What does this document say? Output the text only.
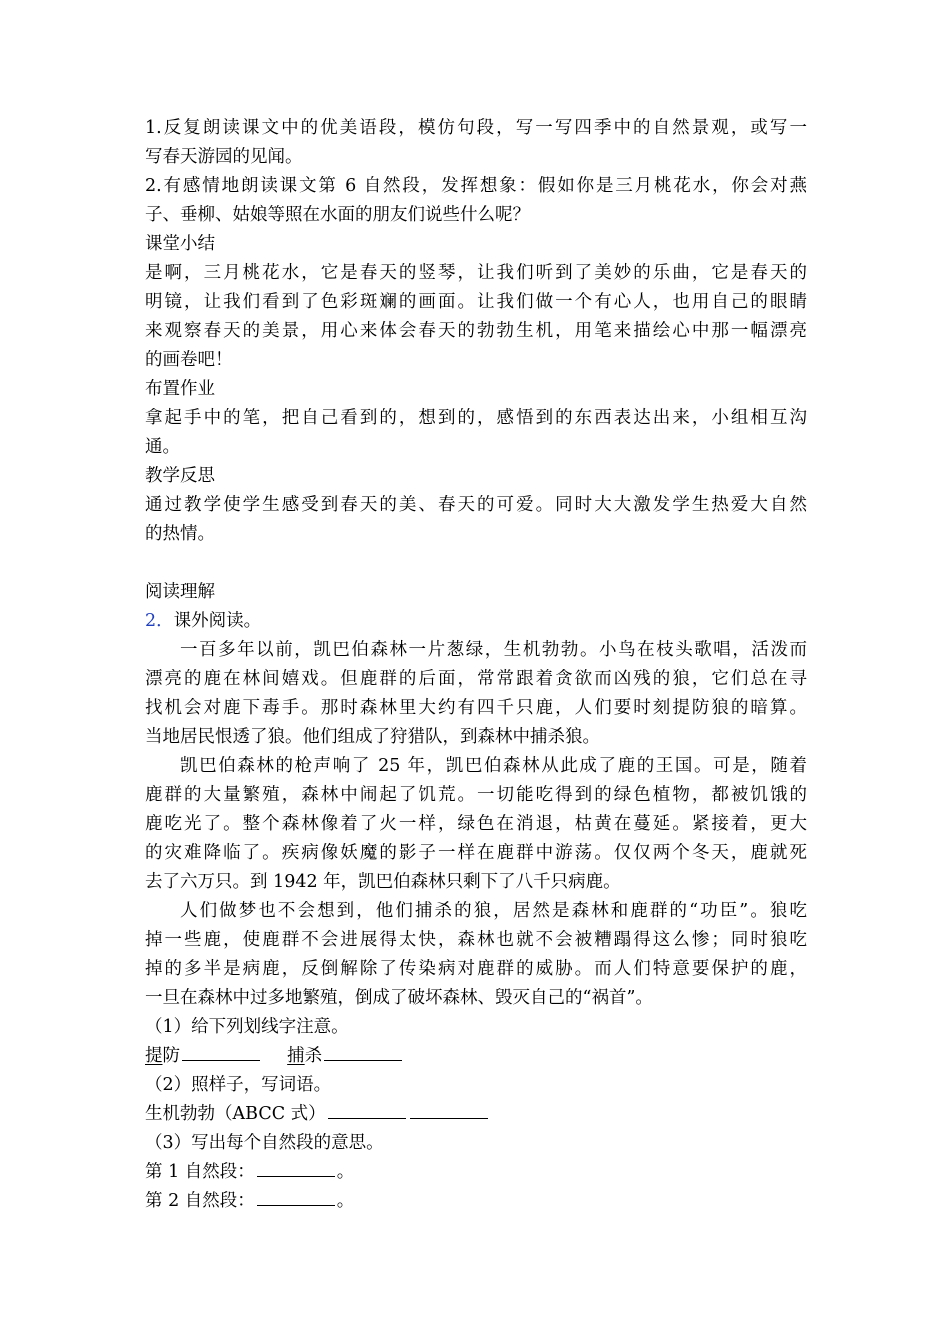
1.反复朗读课文中的优美语段，模仿句段，写一写四季中的自然景观，或写一
写春天游园的见闻。
2.有感情地朗读课文第 6 自然段，发挥想象：假如你是三月桃花水，你会对燕
子、垂柳、姑娘等照在水面的朋友们说些什么呢？
课堂小结
是啊，三月桃花水，它是春天的竖琴，让我们听到了美妙的乐曲，它是春天的
明镜，让我们看到了色彩斑斓的画面。让我们做一个有心人，也用自己的眼睛
来观察春天的美景，用心来体会春天的勃勃生机，用笔来描绘心中那一幅漂亮
的画卷吧！
布置作业
拿起手中的笔，把自己看到的，想到的，感悟到的东西表达出来，小组相互沟
通。
教学反思
通过教学使学生感受到春天的美、春天的可爱。同时大大激发学生热爱大自然
的热情。
阅读理解
2．课外阅读。
一百多年以前，凯巴伯森林一片葱绿，生机勃勃。小鸟在枝头歌唱，活泼而
漂亮的鹿在林间嬉戏。但鹿群的后面，常常跟着贪欲而凶残的狼，它们总在寻
找机会对鹿下毒手。那时森林里大约有四千只鹿，人们要时刻提防狼的暗算。
当地居民恨透了狼。他们组成了狩猎队，到森林中捕杀狼。
凯巴伯森林的枪声响了 25 年，凯巴伯森林从此成了鹿的王国。可是，随着
鹿群的大量繁殖，森林中闹起了饥荒。一切能吃得到的绿色植物，都被饥饿的
鹿吃光了。整个森林像着了火一样，绿色在消退，枯黄在蔓延。紧接着，更大
的灾难降临了。疾病像妖魔的影子一样在鹿群中游荡。仅仅两个冬天，鹿就死
去了六万只。到 1942 年，凯巴伯森林只剩下了八千只病鹿。
人们做梦也不会想到，他们捕杀的狼，居然是森林和鹿群的“功臣”。狼吃
掉一些鹿，使鹿群不会进展得太快，森林也就不会被糟蹋得这么惨；同时狼吃
掉的多半是病鹿，反倒解除了传染病对鹿群的威胁。而人们特意要保护的鹿，
一旦在森林中过多地繁殖，倒成了破坏森林、毁灭自己的“祸首”。
（1）给下列划线字注意。
提防	捕杀
（2）照样子，写词语。
生机勃勃（ABCC 式）
（3）写出每个自然段的意思。
第 1 自然段：	。
第 2 自然段：	。
